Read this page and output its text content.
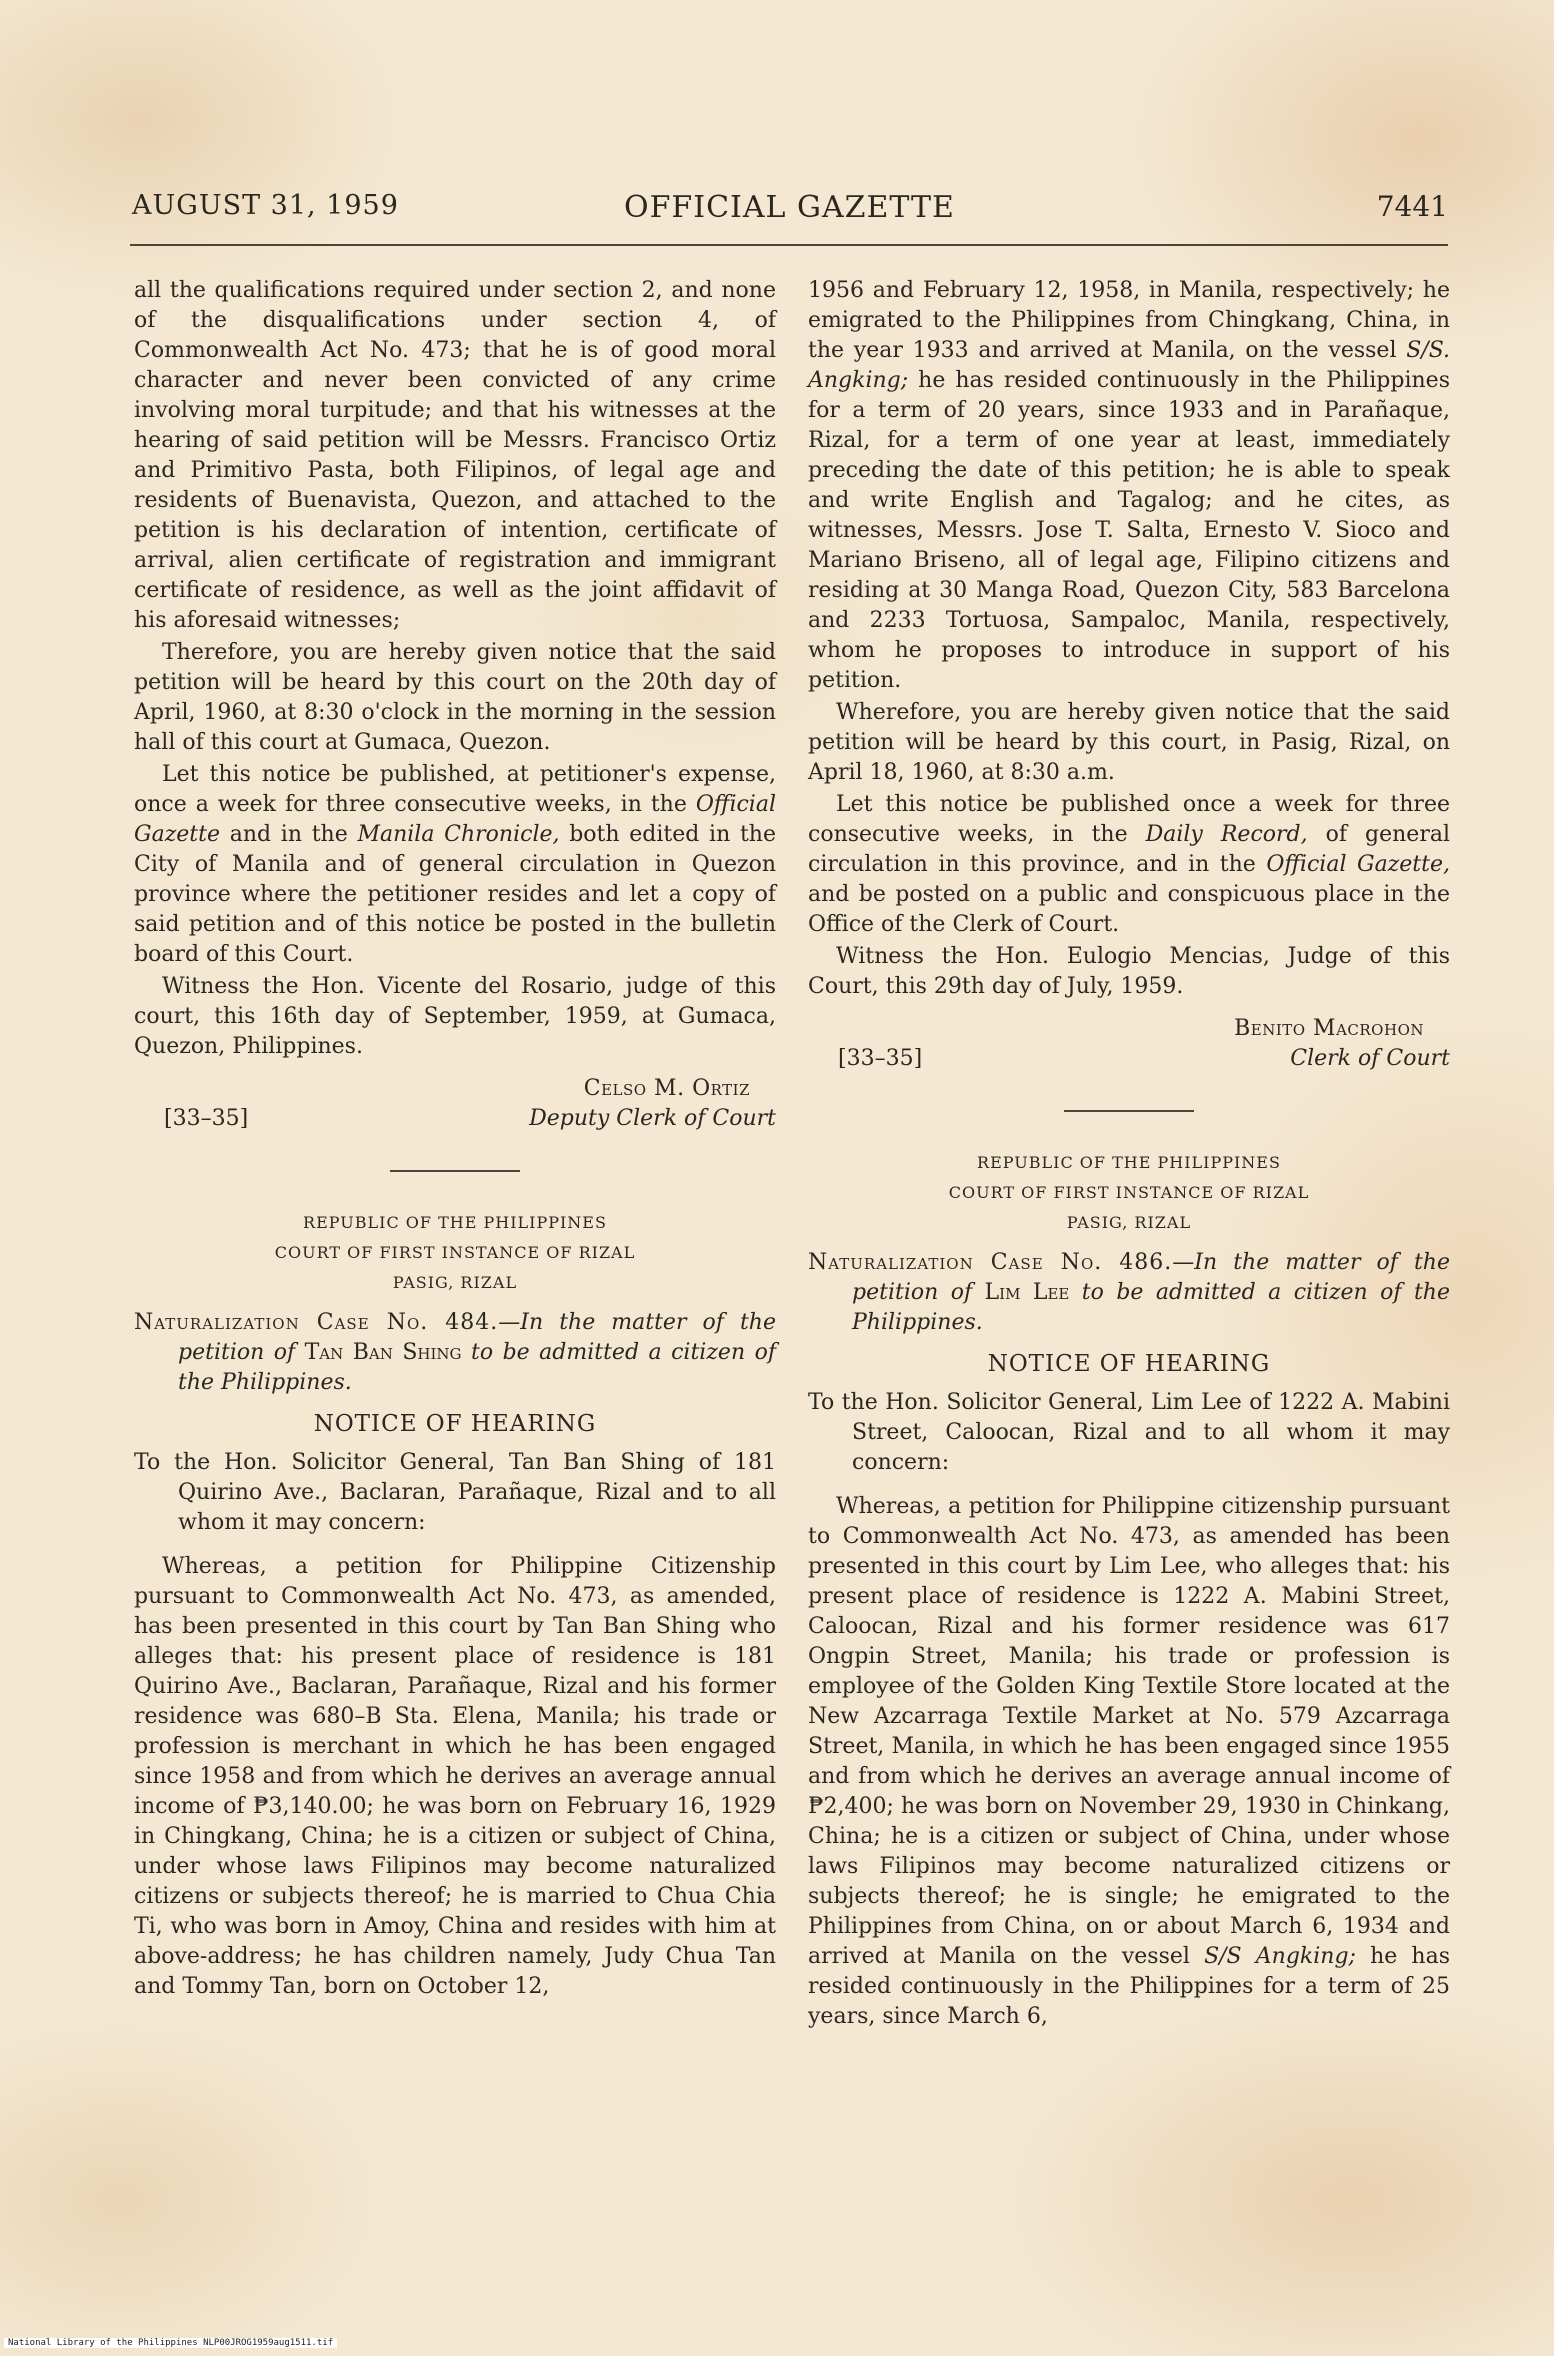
AUGUST 31, 1959	OFFICIAL GAZETTE	7441

all the qualifications required under section 2, and none of the disqualifications under section 4, of Commonwealth Act No. 473; that he is of good moral character and never been convicted of any crime involving moral turpitude; and that his witnesses at the hearing of said petition will be Messrs. Francisco Ortiz and Primitivo Pasta, both Filipinos, of legal age and residents of Buenavista, Quezon, and attached to the petition is his declaration of intention, certificate of arrival, alien certificate of registration and immigrant certificate of residence, as well as the joint affidavit of his aforesaid witnesses;

Therefore, you are hereby given notice that the said petition will be heard by this court on the 20th day of April, 1960, at 8:30 o'clock in the morning in the session hall of this court at Gumaca, Quezon.

Let this notice be published, at petitioner's expense, once a week for three consecutive weeks, in the Official Gazette and in the Manila Chronicle, both edited in the City of Manila and of general circulation in Quezon province where the petitioner resides and let a copy of said petition and of this notice be posted in the bulletin board of this Court.

Witness the Hon. Vicente del Rosario, judge of this court, this 16th day of September, 1959, at Gumaca, Quezon, Philippines.

Celso M. Ortiz
[33–35]	Deputy Clerk of Court
REPUBLIC OF THE PHILIPPINES
COURT OF FIRST INSTANCE OF RIZAL
PASIG, RIZAL
Naturalization Case No. 484.—In the matter of the petition of Tan Ban Shing to be admitted a citizen of the Philippines.
NOTICE OF HEARING
To the Hon. Solicitor General, Tan Ban Shing of 181 Quirino Ave., Baclaran, Parañaque, Rizal and to all whom it may concern:

Whereas, a petition for Philippine Citizenship pursuant to Commonwealth Act No. 473, as amended, has been presented in this court by Tan Ban Shing who alleges that: his present place of residence is 181 Quirino Ave., Baclaran, Parañaque, Rizal and his former residence was 680–B Sta. Elena, Manila; his trade or profession is merchant in which he has been engaged since 1958 and from which he derives an average annual income of ₱3,140.00; he was born on February 16, 1929 in Chingkang, China; he is a citizen or subject of China, under whose laws Filipinos may become naturalized citizens or subjects thereof; he is married to Chua Chia Ti, who was born in Amoy, China and resides with him at above-address; he has children namely, Judy Chua Tan and Tommy Tan, born on October 12,

1956 and February 12, 1958, in Manila, respectively; he emigrated to the Philippines from Chingkang, China, in the year 1933 and arrived at Manila, on the vessel S/S. Angking; he has resided continuously in the Philippines for a term of 20 years, since 1933 and in Parañaque, Rizal, for a term of one year at least, immediately preceding the date of this petition; he is able to speak and write English and Tagalog; and he cites, as witnesses, Messrs. Jose T. Salta, Ernesto V. Sioco and Mariano Briseno, all of legal age, Filipino citizens and residing at 30 Manga Road, Quezon City, 583 Barcelona and 2233 Tortuosa, Sampaloc, Manila, respectively, whom he proposes to introduce in support of his petition.

Wherefore, you are hereby given notice that the said petition will be heard by this court, in Pasig, Rizal, on April 18, 1960, at 8:30 a.m.

Let this notice be published once a week for three consecutive weeks, in the Daily Record, of general circulation in this province, and in the Official Gazette, and be posted on a public and conspicuous place in the Office of the Clerk of Court.

Witness the Hon. Eulogio Mencias, Judge of this Court, this 29th day of July, 1959.

Benito Macrohon
[33–35]	Clerk of Court
REPUBLIC OF THE PHILIPPINES
COURT OF FIRST INSTANCE OF RIZAL
PASIG, RIZAL
Naturalization Case No. 486.—In the matter of the petition of Lim Lee to be admitted a citizen of the Philippines.
NOTICE OF HEARING
To the Hon. Solicitor General, Lim Lee of 1222 A. Mabini Street, Caloocan, Rizal and to all whom it may concern:

Whereas, a petition for Philippine citizenship pursuant to Commonwealth Act No. 473, as amended has been presented in this court by Lim Lee, who alleges that: his present place of residence is 1222 A. Mabini Street, Caloocan, Rizal and his former residence was 617 Ongpin Street, Manila; his trade or profession is employee of the Golden King Textile Store located at the New Azcarraga Textile Market at No. 579 Azcarraga Street, Manila, in which he has been engaged since 1955 and from which he derives an average annual income of ₱2,400; he was born on November 29, 1930 in Chinkang, China; he is a citizen or subject of China, under whose laws Filipinos may become naturalized citizens or subjects thereof; he is single; he emigrated to the Philippines from China, on or about March 6, 1934 and arrived at Manila on the vessel S/S Angking; he has resided continuously in the Philippines for a term of 25 years, since March 6,

National Library of the Philippines NLP00JROG1959aug1511.tif
